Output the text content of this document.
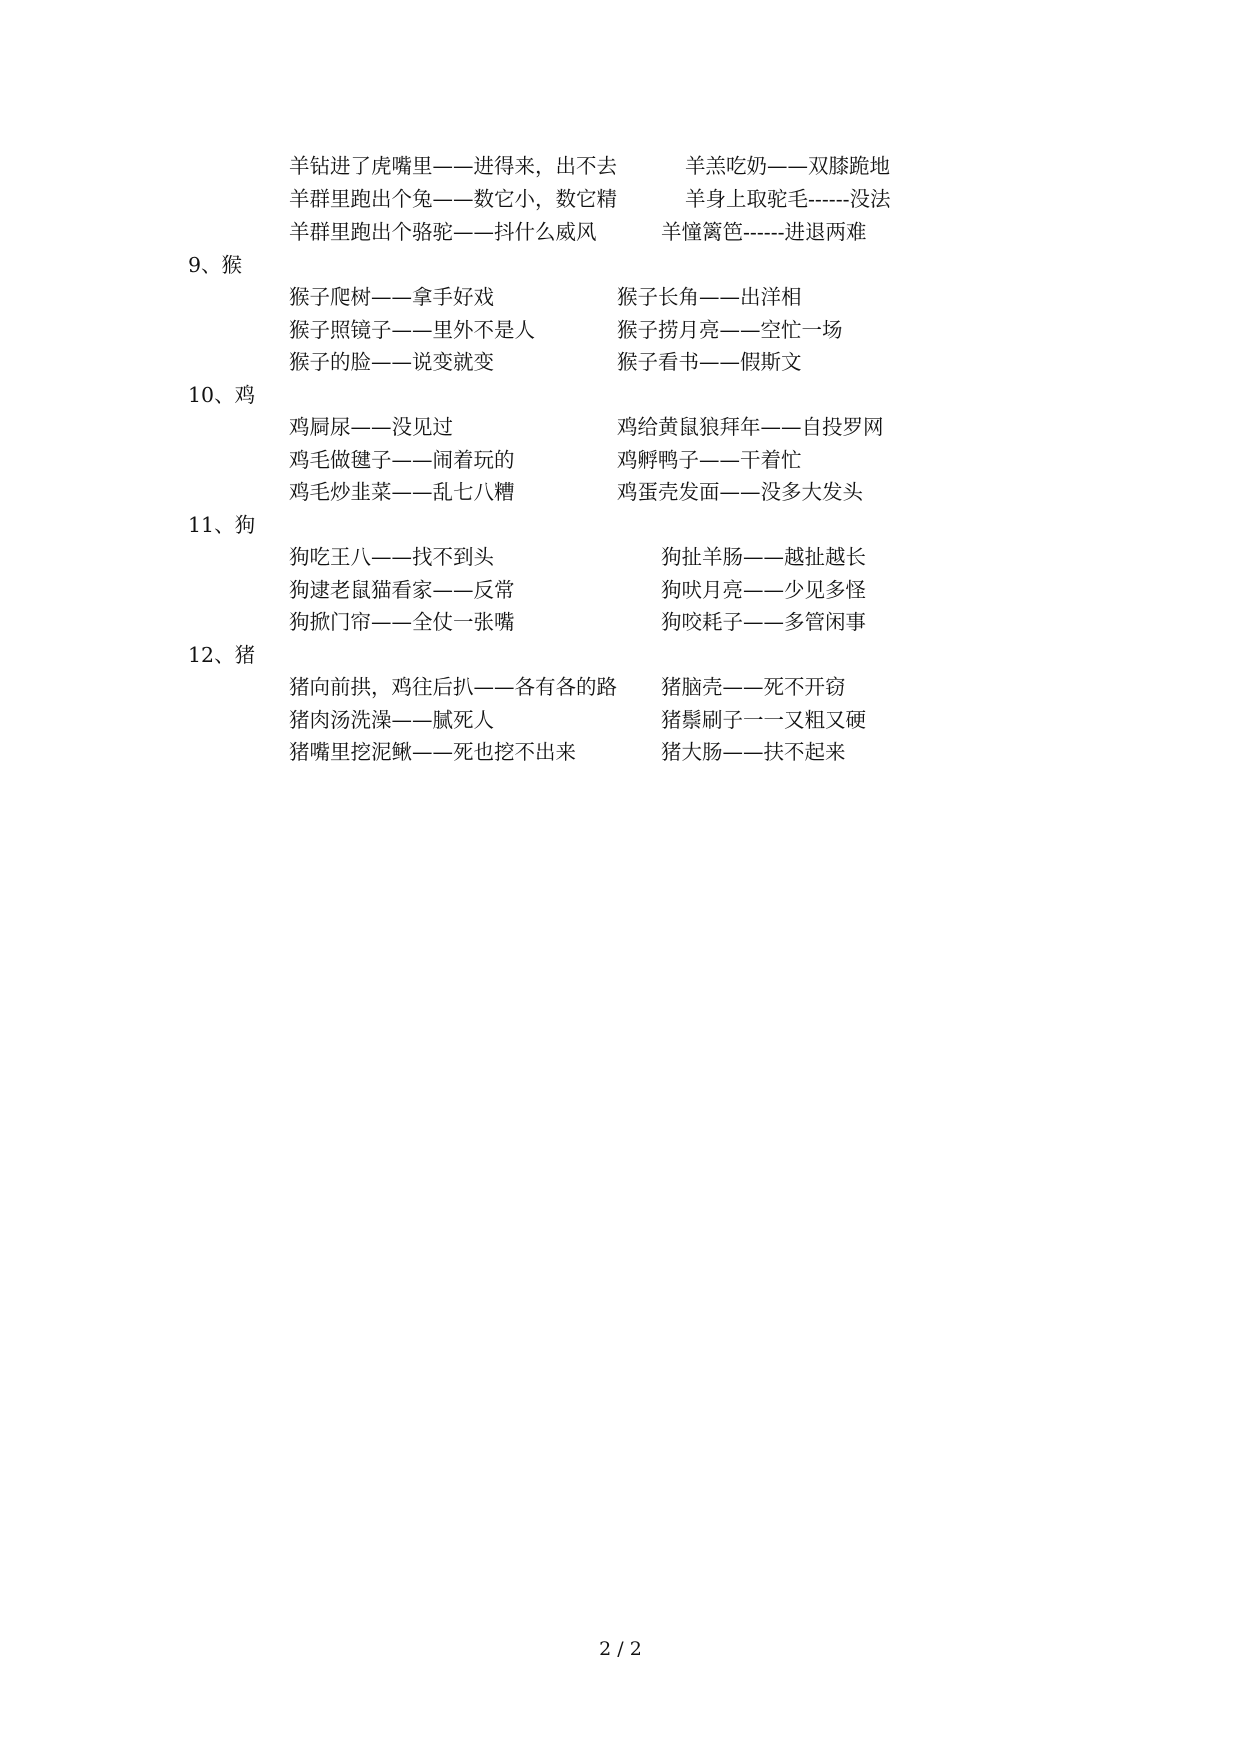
羊钻进了虎嘴里——进得来，出不去	羊羔吃奶——双膝跪地
羊群里跑出个兔——数它小，数它精	羊身上取驼毛------没法
羊群里跑出个骆驼——抖什么威风	羊憧篱笆------进退两难
9、猴
猴子爬树——拿手好戏	猴子长角——出洋相
猴子照镜子——里外不是人	猴子捞月亮——空忙一场
猴子的脸——说变就变	猴子看书——假斯文
10、鸡
鸡屙尿——没见过	鸡给黄鼠狼拜年——自投罗网
鸡毛做毽子——闹着玩的	鸡孵鸭子——干着忙
鸡毛炒韭菜——乱七八糟	鸡蛋壳发面——没多大发头
11、狗
狗吃王八——找不到头	狗扯羊肠——越扯越长
狗逮老鼠猫看家——反常	狗吠月亮——少见多怪
狗掀门帘——全仗一张嘴	狗咬耗子——多管闲事
12、猪
猪向前拱，鸡往后扒——各有各的路 猪脑壳——死不开窃
猪肉汤洗澡——腻死人	猪鬃刷子一一又粗又硬
猪嘴里挖泥鳅——死也挖不出来	猪大肠——扶不起来
2 / 2
